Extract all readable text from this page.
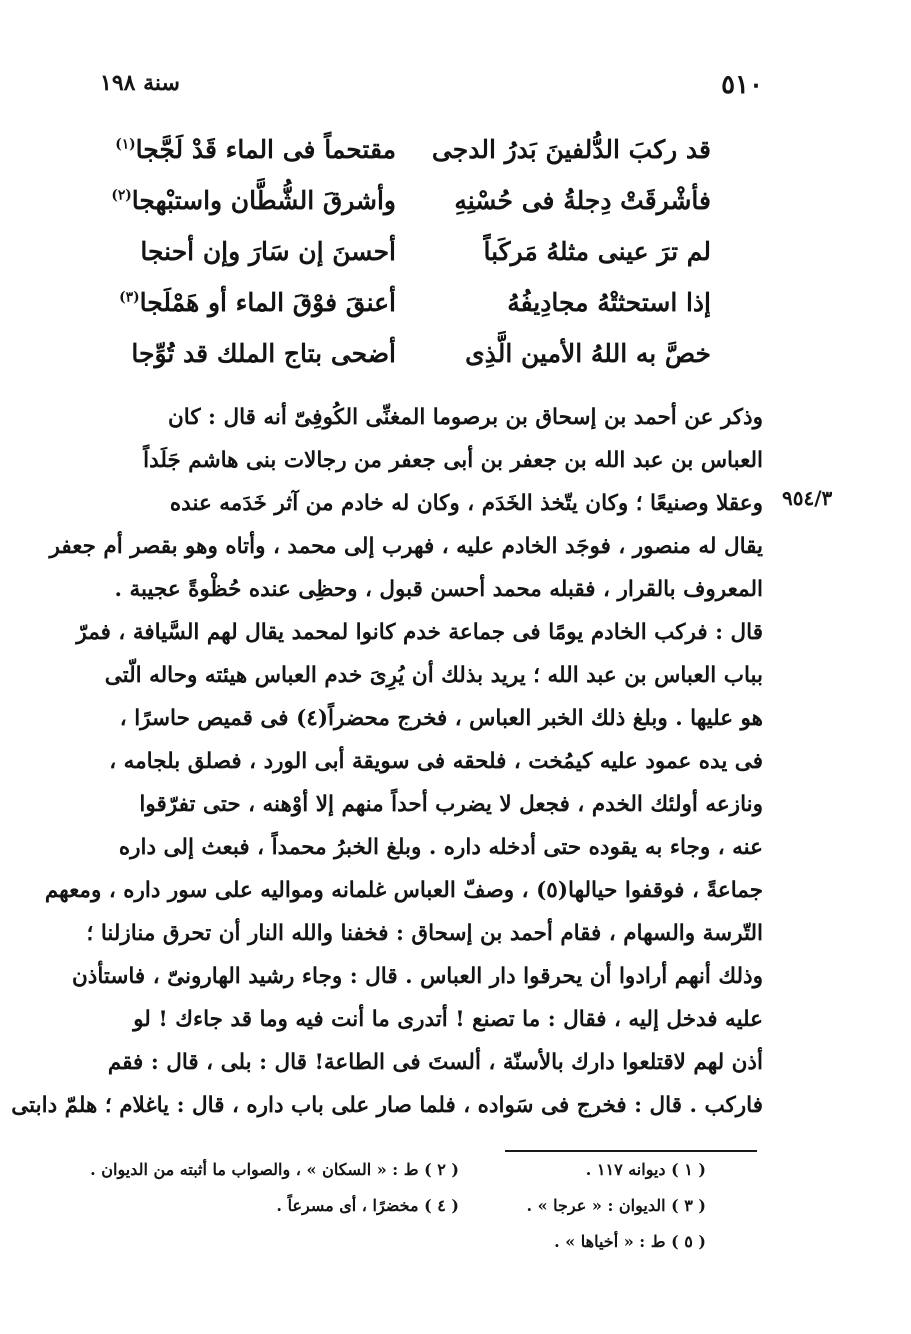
٥١٠
سنة ١٩٨
قد ركبَ الدُّلفينَ بَدرُ الدجى
مقتحماً فى الماء قَدْ لَجَّجا$^{(١)}$
فأشْرقَتْ دِجلةُ فى حُسْنِهِ
وأشرقَ الشُّطَّان واستبْهجا$^{(٢)}$
لم ترَ عينى مثلهُ مَركَباً
أحسنَ إن سَارَ وإن أحنجا
إذا استحثتْهُ مجادِيفُهُ
أعنقَ فوْقَ الماء أو هَمْلَجا$^{(٣)}$
خصَّ به اللهُ الأمين الَّذِى
أضحى بتاج الملك قد تُوِّجا
٩٥٤/٣
وذكر عن أحمد بن إسحاق بن برصوما المغنِّى الكُوفِىّ أنه قال : كان
العباس بن عبد الله بن جعفر بن أبى جعفر من رجالات بنى هاشم جَلَداً
وعقلا وصنيعًا ؛ وكان يتّخذ الخَدَم ، وكان له خادم من آثر خَدَمه عنده
يقال له منصور ، فوجَد الخادم عليه ، فهرب إلى محمد ، وأتاه وهو بقصر أم جعفر
المعروف بالقرار ، فقبله محمد أحسن قبول ، وحظِى عنده حُظْوةً عجيبة .
قال : فركب الخادم يومًا فى جماعة خدم كانوا لمحمد يقال لهم السَّيافة ، فمرّ
بباب العباس بن عبد الله ؛ يريد بذلك أن يُرِىَ خدم العباس هيئته وحاله الّتى
هو عليها . وبلغ ذلك الخبر العباس ، فخرج محضراً(٤) فى قميص حاسرًا ،
فى يده عمود عليه كيمُخت ، فلحقه فى سويقة أبى الورد ، فصلق بلجامه ،
ونازعه أولئك الخدم ، فجعل لا يضرب أحداً منهم إلا أوْهنه ، حتى تفرّقوا
عنه ، وجاء به يقوده حتى أدخله داره . وبلغ الخبرُ محمداً ، فبعث إلى داره
جماعةً ، فوقفوا حيالها(٥) ، وصفّ العباس غلمانه ومواليه على سور داره ، ومعهم
التّرسة والسهام ، فقام أحمد بن إسحاق : فخفنا والله النار أن تحرق منازلنا ؛
وذلك أنهم أرادوا أن يحرقوا دار العباس . قال : وجاء رشيد الهارونىّ ، فاستأذن
عليه فدخل إليه ، فقال : ما تصنع ! أتدرى ما أنت فيه وما قد جاءك ! لو
أذن لهم لاقتلعوا دارك بالأسنّة ، ألستَ فى الطاعة! قال : بلى ، قال : فقم
فاركب . قال : فخرج فى سَواده ، فلما صار على باب داره ، قال : ياغلام ؛ هلمّ دابتى
( ١ ) ديوانه ١١٧ .
( ٢ ) ط : « السكان » ، والصواب ما أثبته من الديوان .
( ٣ ) الديوان : « عرجا » .
( ٤ ) مخضرًا ، أى مسرعاً .
( ٥ ) ط : « أخياها » .
